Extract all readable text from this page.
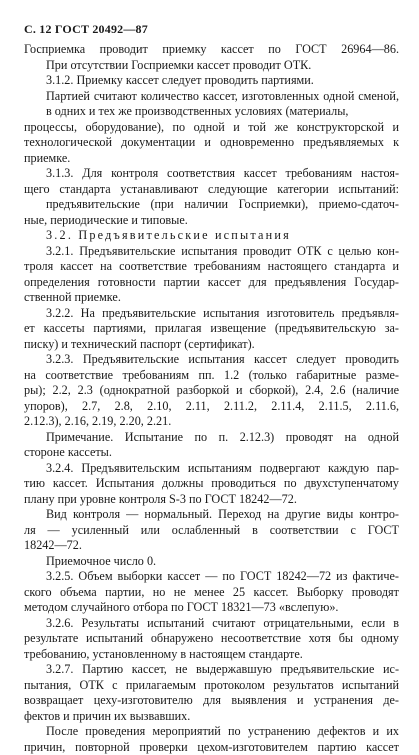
С. 12 ГОСТ 20492—87
Госприемка проводит приемку кассет по ГОСТ 26964—86.
При отсутствии Госприемки кассет проводит ОТК.
3.1.2. Приемку кассет следует проводить партиями.
Партией считают количество кассет, изготовленных одной сменой, в одних и тех же производственных условиях (материалы,
процессы, оборудование), по одной и той же конструкторской и
технологической документации и одновременно предъявляемых к
приемке.
3.1.3. Для контроля соответствия кассет требованиям настоя-
щего стандарта устанавливают следующие категории испытаний:
предъявительские (при наличии Госприемки), приемо-сдаточ-
ные, периодические и типовые.
3.2. Предъявительские испытания
3.2.1. Предъявительские испытания проводит ОТК с целью кон-
троля кассет на соответствие требованиям настоящего стандарта и
определения готовности партии кассет для предъявления Государ-
ственной приемке.
3.2.2. На предъявительские испытания изготовитель предъявля-
ет кассеты партиями, прилагая извещение (предъявительскую за-
писку) и технический паспорт (сертификат).
3.2.3. Предъявительские испытания кассет следует проводить
на соответствие требованиям пп. 1.2 (только габаритные разме-
ры); 2.2, 2.3 (однократной разборкой и сборкой), 2.4, 2.6 (наличие
упоров), 2.7, 2.8, 2.10, 2.11, 2.11.2, 2.11.4, 2.11.5, 2.11.6,
2.12.3), 2.16, 2.19, 2.20, 2.21.
Примечание. Испытание по п. 2.12.3) проводят на одной
стороне кассеты.
3.2.4. Предъявительским испытаниям подвергают каждую пар-
тию кассет. Испытания должны проводиться по двухступенчатому
плану при уровне контроля S-3 по ГОСТ 18242—72.
Вид контроля — нормальный. Переход на другие виды контро-
ля — усиленный или ослабленный в соответствии с ГОСТ
18242—72.
Приемочное число 0.
3.2.5. Объем выборки кассет — по ГОСТ 18242—72 из фактиче-
ского объема партии, но не менее 25 кассет. Выборку проводят
методом случайного отбора по ГОСТ 18321—73 «вслепую».
3.2.6. Результаты испытаний считают отрицательными, если в
результате испытаний обнаружено несоответствие хотя бы одному
требованию, установленному в настоящем стандарте.
3.2.7. Партию кассет, не выдержавшую предъявительские ис-
пытания, ОТК с прилагаемым протоколом результатов испытаний
возвращает цеху-изготовителю для выявления и устранения де-
фектов и причин их вызвавших.
После проведения мероприятий по устранению дефектов и их
причин, повторной проверки цехом-изготовителем партию кассет
